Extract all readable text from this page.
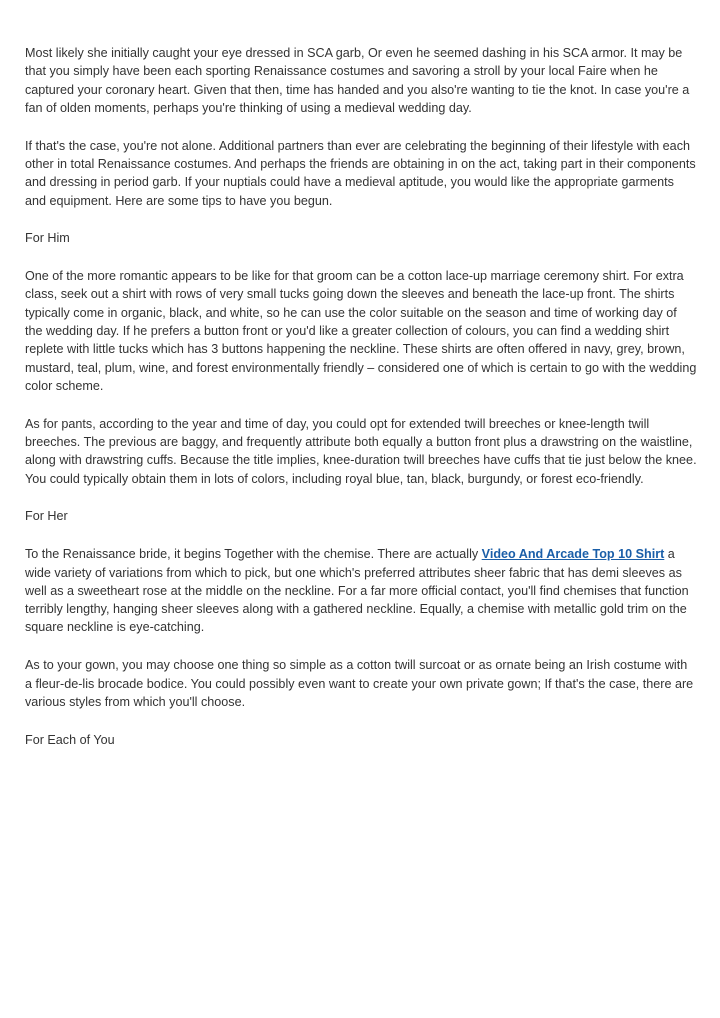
Most likely she initially caught your eye dressed in SCA garb, Or even he seemed dashing in his SCA armor. It may be that you simply have been each sporting Renaissance costumes and savoring a stroll by your local Faire when he captured your coronary heart. Given that then, time has handed and you also're wanting to tie the knot. In case you're a fan of olden moments, perhaps you're thinking of using a medieval wedding day.

If that's the case, you're not alone. Additional partners than ever are celebrating the beginning of their lifestyle with each other in total Renaissance costumes. And perhaps the friends are obtaining in on the act, taking part in their components and dressing in period garb. If your nuptials could have a medieval aptitude, you would like the appropriate garments and equipment. Here are some tips to have you begun.

For Him

One of the more romantic appears to be like for that groom can be a cotton lace-up marriage ceremony shirt. For extra class, seek out a shirt with rows of very small tucks going down the sleeves and beneath the lace-up front. The shirts typically come in organic, black, and white, so he can use the color suitable on the season and time of working day of the wedding day. If he prefers a button front or you'd like a greater collection of colours, you can find a wedding shirt replete with little tucks which has 3 buttons happening the neckline. These shirts are often offered in navy, grey, brown, mustard, teal, plum, wine, and forest environmentally friendly – considered one of which is certain to go with the wedding color scheme.

As for pants, according to the year and time of day, you could opt for extended twill breeches or knee-length twill breeches. The previous are baggy, and frequently attribute both equally a button front plus a drawstring on the waistline, along with drawstring cuffs. Because the title implies, knee-duration twill breeches have cuffs that tie just below the knee. You could typically obtain them in lots of colors, including royal blue, tan, black, burgundy, or forest eco-friendly.

For Her

To the Renaissance bride, it begins Together with the chemise. There are actually Video And Arcade Top 10 Shirt a wide variety of variations from which to pick, but one which's preferred attributes sheer fabric that has demi sleeves as well as a sweetheart rose at the middle on the neckline. For a far more official contact, you'll find chemises that function terribly lengthy, hanging sheer sleeves along with a gathered neckline. Equally, a chemise with metallic gold trim on the square neckline is eye-catching.

As to your gown, you may choose one thing so simple as a cotton twill surcoat or as ornate being an Irish costume with a fleur-de-lis brocade bodice. You could possibly even want to create your own private gown; If that's the case, there are various styles from which you'll choose.

For Each of You
